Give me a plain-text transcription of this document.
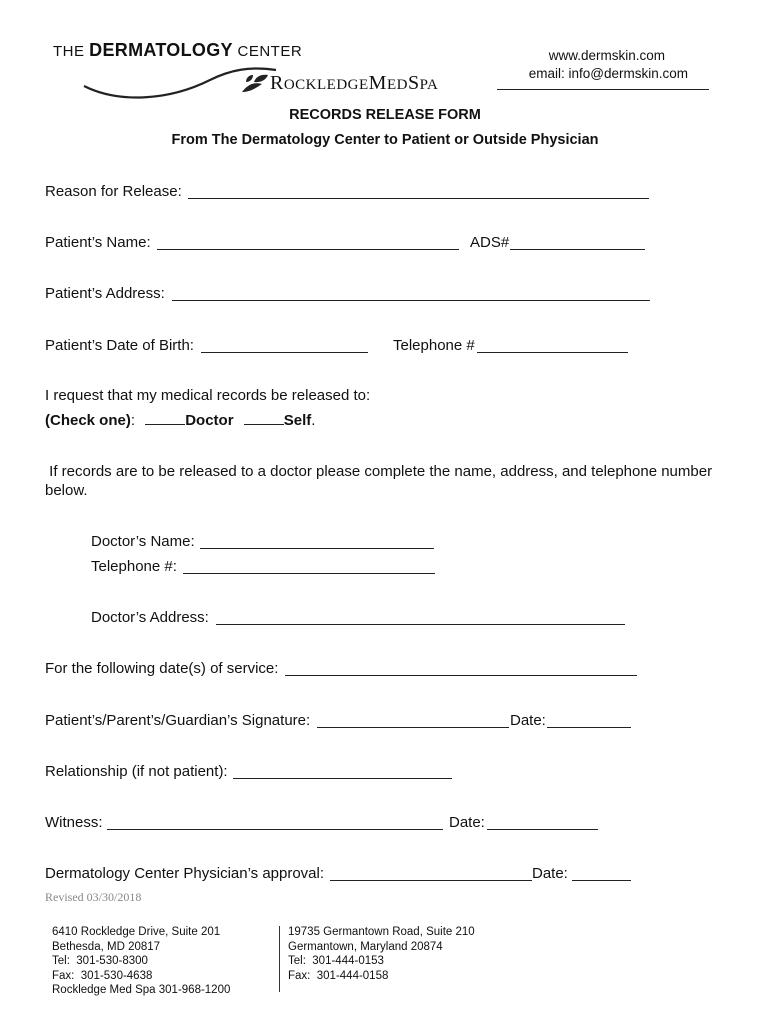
THE DERMATOLOGY CENTER
ROCKLEDGEMEDSPA
www.dermskin.com
email: info@dermskin.com
RECORDS RELEASE FORM
From The Dermatology Center to Patient or Outside Physician
Reason for Release:
Patient’s Name:	ADS#
Patient’s Address:
Patient’s Date of Birth:	Telephone #
I request that my medical records be released to:
(Check one):	Doctor	Self.
If records are to be released to a doctor please complete the name, address, and telephone number
below.
Doctor’s Name:
Telephone #:
Doctor’s Address:
For the following date(s) of service:
Patient’s/Parent’s/Guardian’s Signature:	Date:
Relationship (if not patient):
Witness:	Date:
Dermatology Center Physician’s approval:	Date:
Revised 03/30/2018
6410 Rockledge Drive, Suite 201
Bethesda, MD 20817
Tel:  301-530-8300
Fax:  301-530-4638
Rockledge Med Spa 301-968-1200
19735 Germantown Road, Suite 210
Germantown, Maryland 20874
Tel:  301-444-0153
Fax:  301-444-0158
